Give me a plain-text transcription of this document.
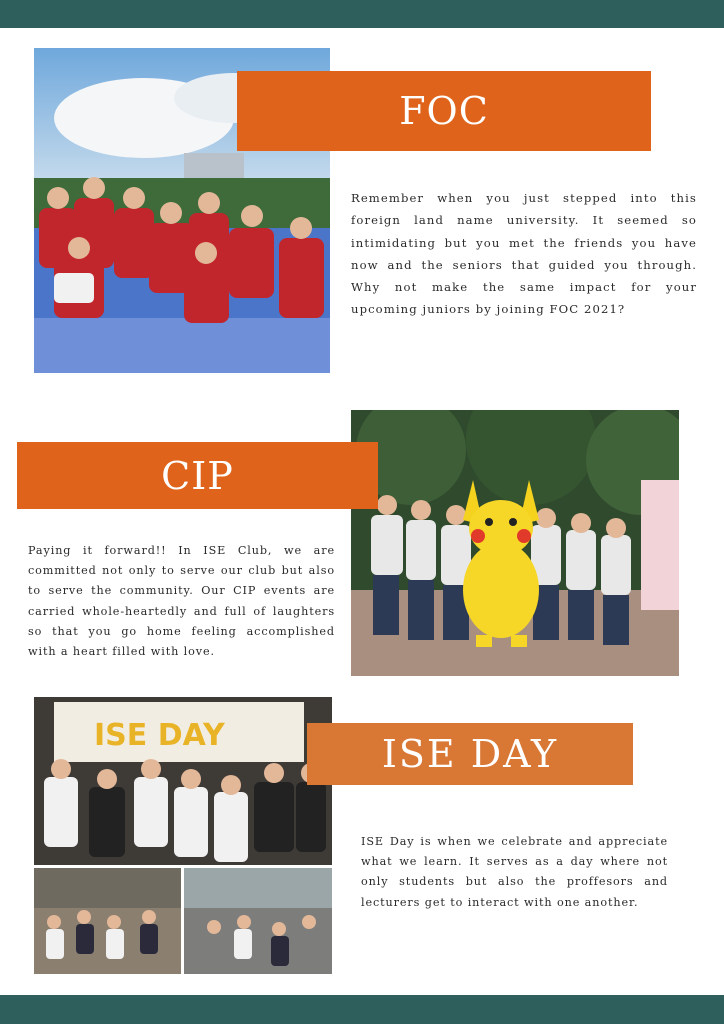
FOC

Remember when you just stepped into this foreign land name university. It seemed so intimidating but you met the friends you have now and the seniors that guided you through. Why not make the same impact for your upcoming juniors by joining FOC 2021?

CIP

Paying it forward!! In ISE Club, we are committed not only to serve our club but also to serve the community. Our CIP events are carried whole-heartedly and full of laughters so that you go home feeling accomplished with a heart filled with love.

ISE DAY	ISE DAY

ISE Day is when we celebrate and appreciate what we learn. It serves as a day where not only students but also the proffesors and lecturers get to interact with one another.
